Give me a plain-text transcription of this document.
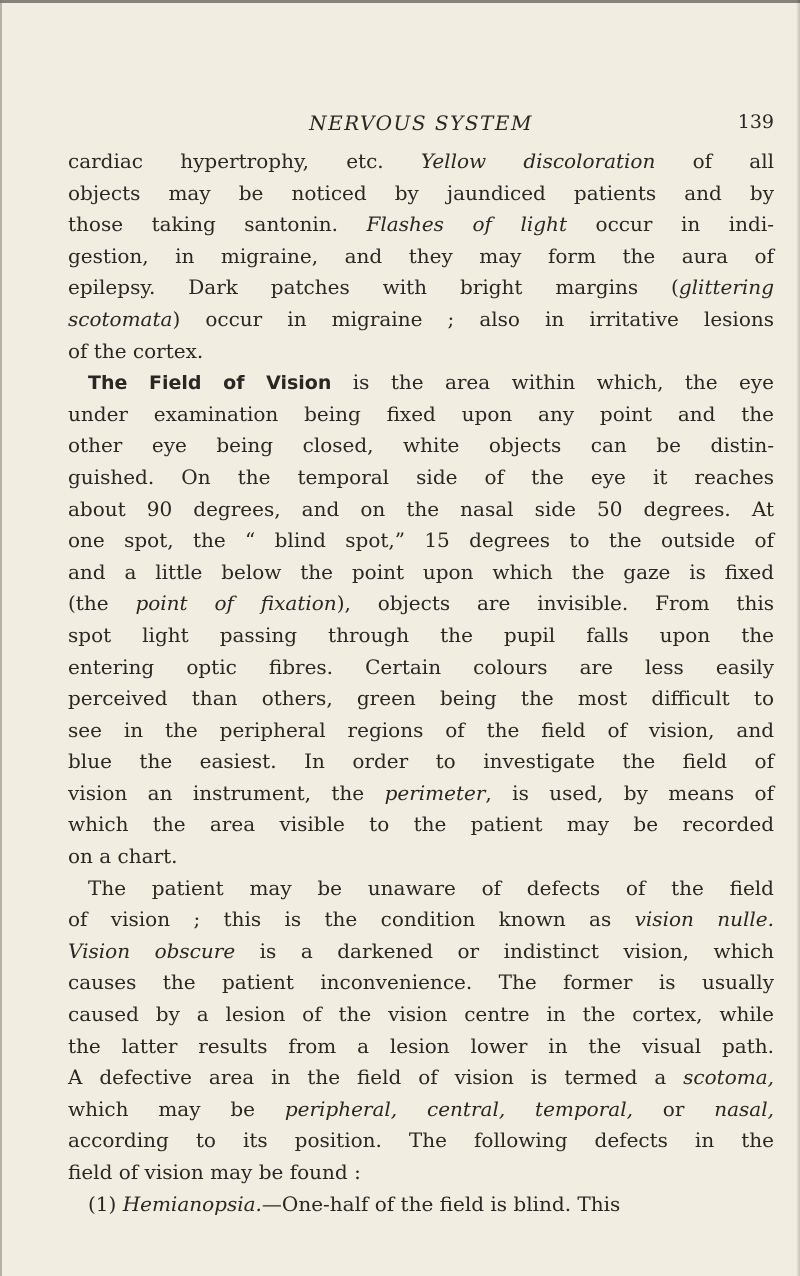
NERVOUS SYSTEM	139
cardiac hypertrophy, etc. Yellow discoloration of all
objects may be noticed by jaundiced patients and by
those taking santonin. Flashes of light occur in indi-
gestion, in migraine, and they may form the aura of
epilepsy. Dark patches with bright margins (glittering
scotomata) occur in migraine ; also in irritative lesions
of the cortex.
The Field of Vision is the area within which, the eye
under examination being fixed upon any point and the
other eye being closed, white objects can be distin-
guished. On the temporal side of the eye it reaches
about 90 degrees, and on the nasal side 50 degrees. At
one spot, the “ blind spot,” 15 degrees to the outside of
and a little below the point upon which the gaze is fixed
(the point of fixation), objects are invisible. From this
spot light passing through the pupil falls upon the
entering optic fibres. Certain colours are less easily
perceived than others, green being the most difficult to
see in the peripheral regions of the field of vision, and
blue the easiest. In order to investigate the field of
vision an instrument, the perimeter, is used, by means of
which the area visible to the patient may be recorded
on a chart.
The patient may be unaware of defects of the field
of vision ; this is the condition known as vision nulle.
Vision obscure is a darkened or indistinct vision, which
causes the patient inconvenience. The former is usually
caused by a lesion of the vision centre in the cortex, while
the latter results from a lesion lower in the visual path.
A defective area in the field of vision is termed a scotoma,
which may be peripheral, central, temporal, or nasal,
according to its position. The following defects in the
field of vision may be found :
(1) Hemianopsia.—One-half of the field is blind. This
